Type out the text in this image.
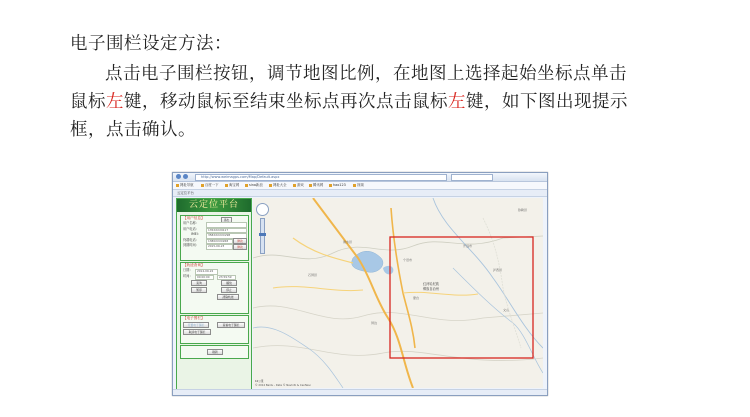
电子围栏设定方法：
点击电子围栏按钮，调节地图比例，在地图上选择起始坐标点单击
鼠标左键，移动鼠标至结束坐标点再次点击鼠标左键，如下图出现提示
框，点击确认。
http://www.weimagps.com/Map/Default.aspx
网址导航	百度一下	淘宝网	sina新浪	网址大全	游戏	腾讯网	hao123	视频
云定位平台
云定位平台
【用户信息】	退出
用户名称：
用户电话：	135XXXX9117
IMEI：	358XXXXXX298
终端电话：	1380XXXX268	修改
到期时间：	2015-09-23	修改
【轨迹查询】
日期：	2014-09-22
时间：	00:00:00	23:59:59
查询	播放
暂停	停止
清除轨迹
【电子围栏】
设置电子围栏	查看电子围栏
取消电子围栏
刷新
红河哈尼族
彝族自治州
蒙自
个旧市
开远市
建水县
石屏县
弥勒县
泸西县
屏边
文山
10公里
© 2014 Baidu - Data © NavInfo & CenNavi
